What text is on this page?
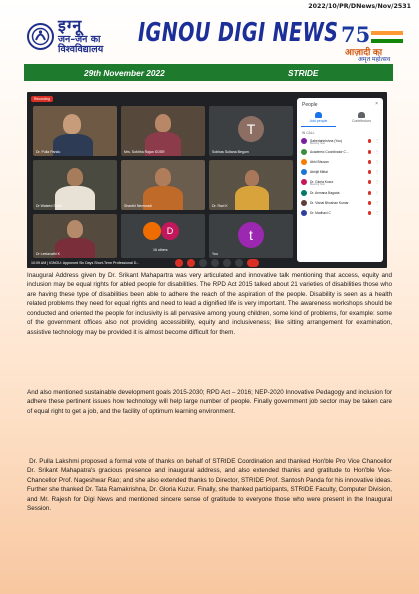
2022/10/PR/DNews/Nov/2531
इग्नू
जन–जन का
विश्वविद्यालय
IGNOU DIGI NEWS 75
आज़ादी का
अमृत महोत्सव
29th November 2022	STRIDE
Recording
Dr. Pulla Pandu	Mrs. Sobitha Rajan SOSR
T
Sobhas Sultana Begum
Dr Waleed Shafi	Shanthi Nemmadi	Dr. Ravi K
Dr Leelavathi K
D
16 others
t
You
People	×
Add people	Contributors
IN CALL
Sabertarkrishna (You)
Meeting host
⋮
Academic Coordinator C...	⋮
Abhi Bhusan	⋮
Abhijit Mittal	⋮
Dr. Gloria Kuzur
Meeting host
⋮
Dr. Anmana Bagaria	⋮
Dr. Vishal Bhushan Kumar	⋮
Dr. Madhavi C	⋮
10:09 AM | IGNOU: Approved Six Days Short-Term Professional D...

Inaugural Address given by Dr. Srikant Mahapartra was very articulated and innovative talk mentioning that access, equity and inclusion may be equal rights for abled people for disabilities. The RPD Act 2015 talked about 21 varieties of disabilities those who are having these type of disabilities been able to adhere the reach of the aspiration of the people. Disability is seen as a health related problems they need for equal rights and need to lead a dignified life is very important. The awareness workshops should be conducted and oriented the people for inclusivity is all pervasive among young children, some kind of problems, for example: some of the government offices also not providing accessibility, equity and inclusiveness; like sitting arrangement for examination, assistive technology may be provided it is almost become difficult for them.

And also mentioned sustainable development goals 2015-2030; RPD Act – 2016; NEP-2020 Innovative Pedagogy and inclusion for adhere these pertinent issues how technology will help large number of people. Finally government job sector may be taken care of equal right to get a job, and the facility of optimum learning environment.

Dr. Pulla Lakshmi proposed a formal vote of thanks on behalf of STRIDE Coordination and thanked Hon'ble Pro Vice Chancellor Dr. Srikant Mahapatra's gracious presence and inaugural address, and also extended thanks and gratitude to Hon'ble Vice-Chancellor Prof. Nageshwar Rao; and she also extended thanks to Director, STRIDE Prof. Santosh Panda for his innovative ideas. Further she thanked Dr. Tata Ramakrishna, Dr. Gloria Kuzur. Finally, she thanked participants, STRIDE Faculty, Computer Division, and Mr. Rajesh for Digi News and mentioned sincere sense of gratitude to everyone those who were present in the Inaugural Session.
